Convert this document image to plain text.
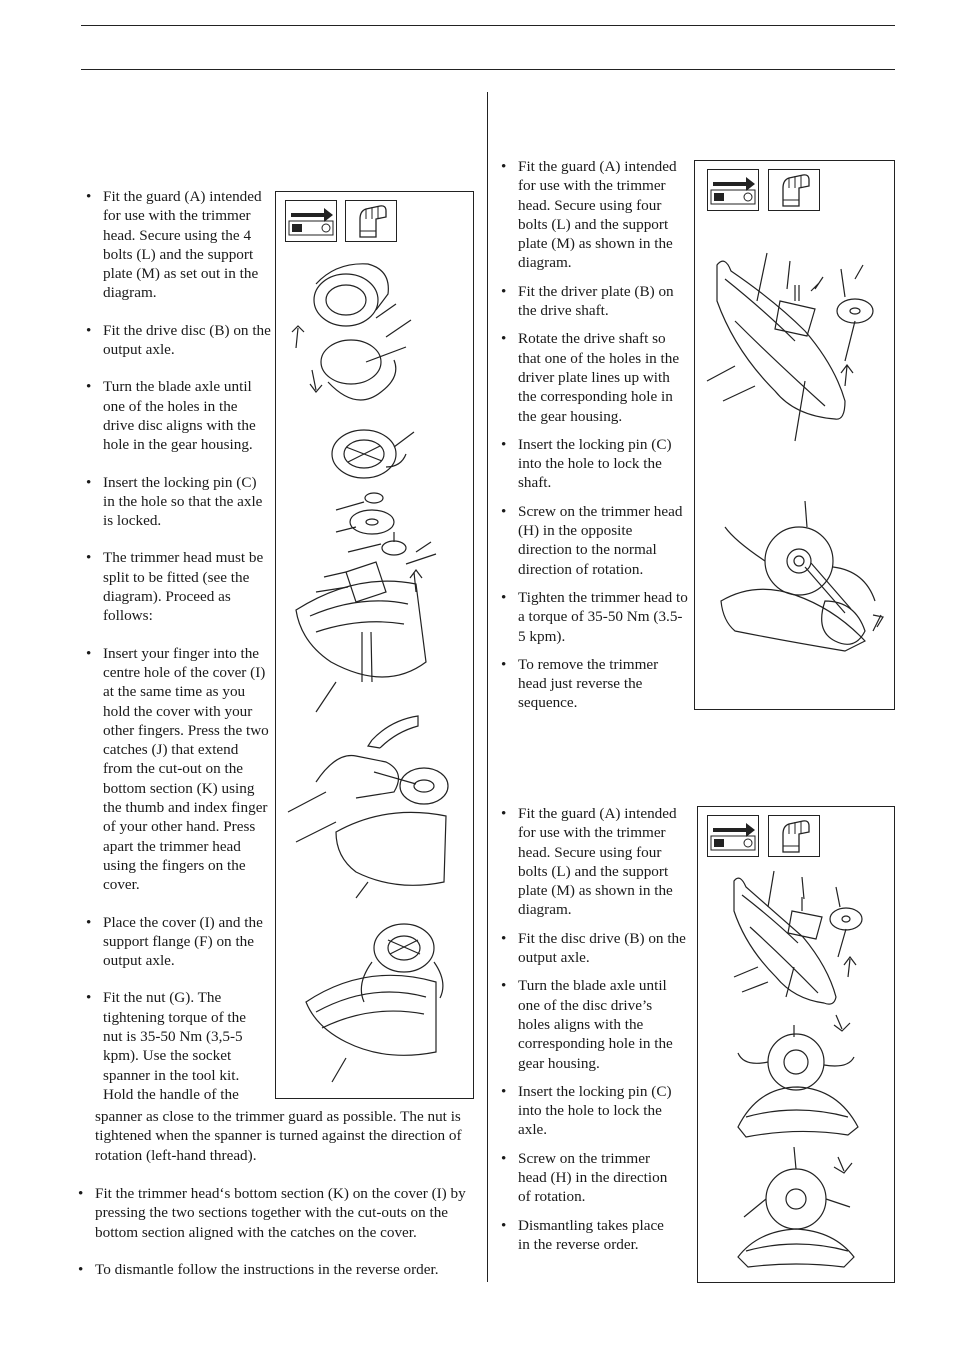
• Fit the guard (A) intended for use with the trimmer head. Secure using the 4 bolts (L) and the support plate (M) as set out in the diagram.
• Fit the drive disc (B) on the output axle.
• Turn the blade axle until one of the holes in the drive disc aligns with the hole in the gear housing.
• Insert the locking pin (C) in the hole so that the axle is locked.
• The trimmer head must be split to be fitted (see the diagram). Proceed as follows:
• Insert your finger into the centre hole of the cover (I) at the same time as you hold the cover with your other fingers. Press the two catches (J) that extend from the cut-out on the bottom section (K) using the thumb and index finger of your other hand. Press apart the trimmer head using the fingers on the cover.
• Place the cover (I) and the support flange (F) on the output axle.
• Fit the nut (G). The tightening torque of the nut is 35-50 Nm (3,5-5 kpm). Use the socket spanner in the tool kit. Hold the handle of the

spanner as close to the trimmer guard as possible. The nut is tightened when the spanner is turned against the direction of rotation (left-hand thread).

• Fit the trimmer head‘s bottom section (K) on the cover (I) by pressing the two sections together with the cut-outs on the bottom section aligned with the catches on the cover.
• To dismantle follow the instructions in the reverse order.
• Fit the guard (A) intended for use with the trimmer head. Secure using four bolts (L) and the support plate (M) as shown in the diagram.
• Fit the driver plate (B) on the drive shaft.
• Rotate the drive shaft so that one of the holes in the driver plate lines up with the corresponding hole in the gear housing.
• Insert the locking pin (C) into the hole to lock the shaft.
• Screw on the trimmer head (H) in the opposite direction to the normal direction of rotation.
• Tighten the trimmer head to a torque of 35-50 Nm (3.5-5 kpm).
• To remove the trimmer head just reverse the sequence.
• Fit the guard (A) intended for use with the trimmer head. Secure using four bolts (L) and the support plate (M) as shown in the diagram.
• Fit the disc drive (B) on the output axle.
• Turn the blade axle until one of the disc drive’s holes aligns with the corresponding hole in the gear housing.
• Insert the locking pin (C) into the hole to lock the axle.
• Screw on the trimmer head (H) in the direction of rotation.
• Dismantling takes place in the reverse order.
